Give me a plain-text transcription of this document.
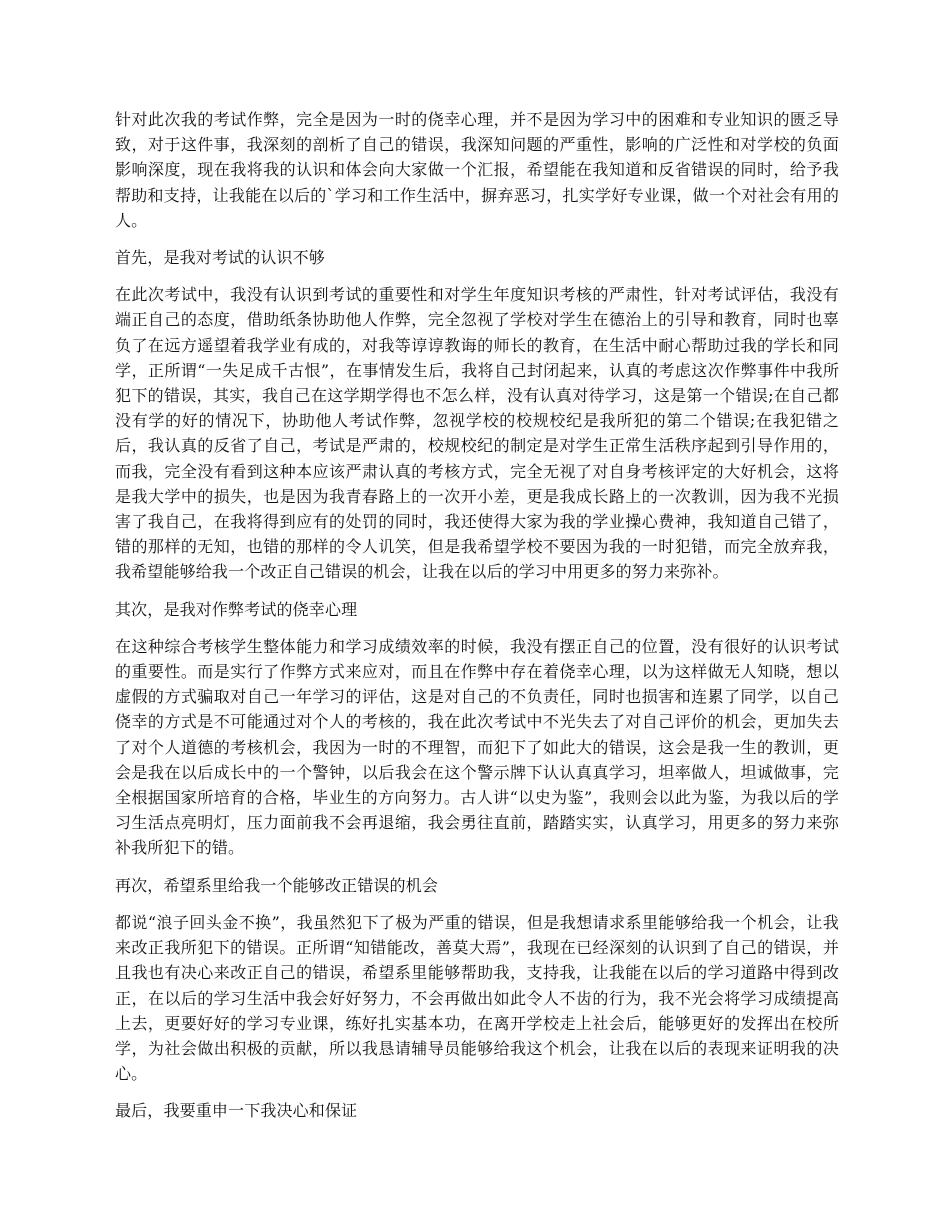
针对此次我的考试作弊，完全是因为一时的侥幸心理，并不是因为学习中的困难和专业知识的匮乏导致，对于这件事，我深刻的剖析了自己的错误，我深知问题的严重性，影响的广泛性和对学校的负面影响深度，现在我将我的认识和体会向大家做一个汇报，希望能在我知道和反省错误的同时，给予我帮助和支持，让我能在以后的`学习和工作生活中，摒弃恶习，扎实学好专业课，做一个对社会有用的人。

首先，是我对考试的认识不够

在此次考试中，我没有认识到考试的重要性和对学生年度知识考核的严肃性，针对考试评估，我没有端正自己的态度，借助纸条协助他人作弊，完全忽视了学校对学生在德治上的引导和教育，同时也辜负了在远方遥望着我学业有成的，对我等谆谆教诲的师长的教育，在生活中耐心帮助过我的学长和同学，正所谓“一失足成千古恨”，在事情发生后，我将自己封闭起来，认真的考虑这次作弊事件中我所犯下的错误，其实，我自己在这学期学得也不怎么样，没有认真对待学习，这是第一个错误;在自己都没有学的好的情况下，协助他人考试作弊，忽视学校的校规校纪是我所犯的第二个错误;在我犯错之后，我认真的反省了自己，考试是严肃的，校规校纪的制定是对学生正常生活秩序起到引导作用的，而我，完全没有看到这种本应该严肃认真的考核方式，完全无视了对自身考核评定的大好机会，这将是我大学中的损失，也是因为我青春路上的一次开小差，更是我成长路上的一次教训，因为我不光损害了我自己，在我将得到应有的处罚的同时，我还使得大家为我的学业操心费神，我知道自己错了，错的那样的无知，也错的那样的令人讥笑，但是我希望学校不要因为我的一时犯错，而完全放弃我，我希望能够给我一个改正自己错误的机会，让我在以后的学习中用更多的努力来弥补。

其次，是我对作弊考试的侥幸心理

在这种综合考核学生整体能力和学习成绩效率的时候，我没有摆正自己的位置，没有很好的认识考试的重要性。而是实行了作弊方式来应对，而且在作弊中存在着侥幸心理，以为这样做无人知晓，想以虚假的方式骗取对自己一年学习的评估，这是对自己的不负责任，同时也损害和连累了同学，以自己侥幸的方式是不可能通过对个人的考核的，我在此次考试中不光失去了对自己评价的机会，更加失去了对个人道德的考核机会，我因为一时的不理智，而犯下了如此大的错误，这会是我一生的教训，更会是我在以后成长中的一个警钟，以后我会在这个警示牌下认认真真学习，坦率做人，坦诚做事，完全根据国家所培育的合格，毕业生的方向努力。古人讲“以史为鉴”，我则会以此为鉴，为我以后的学习生活点亮明灯，压力面前我不会再退缩，我会勇往直前，踏踏实实，认真学习，用更多的努力来弥补我所犯下的错。

再次，希望系里给我一个能够改正错误的机会

都说“浪子回头金不换”，我虽然犯下了极为严重的错误，但是我想请求系里能够给我一个机会，让我来改正我所犯下的错误。正所谓“知错能改，善莫大焉”，我现在已经深刻的认识到了自己的错误，并且我也有决心来改正自己的错误，希望系里能够帮助我，支持我，让我能在以后的学习道路中得到改正，在以后的学习生活中我会好好努力，不会再做出如此令人不齿的行为，我不光会将学习成绩提高上去，更要好好的学习专业课，练好扎实基本功，在离开学校走上社会后，能够更好的发挥出在校所学，为社会做出积极的贡献，所以我恳请辅导员能够给我这个机会，让我在以后的表现来证明我的决心。

最后，我要重申一下我决心和保证
